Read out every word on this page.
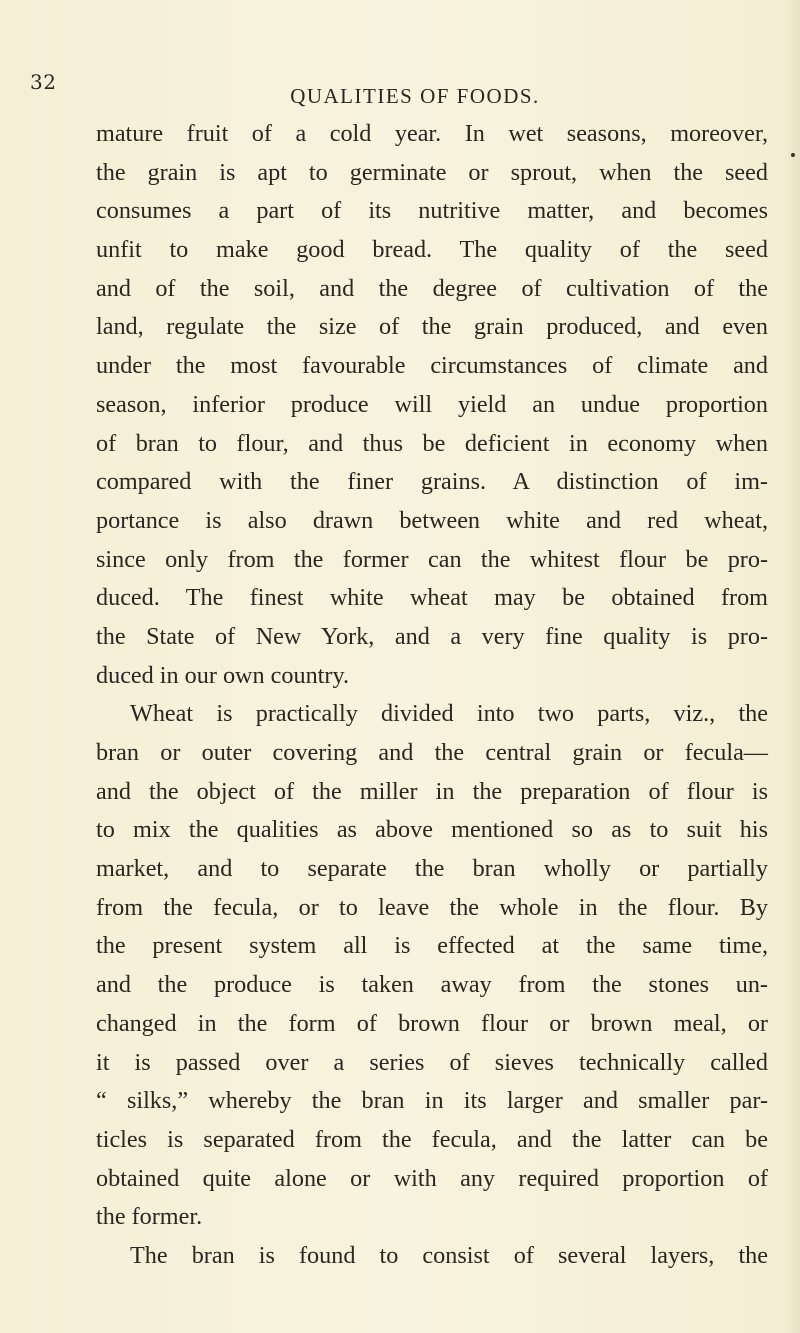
32
QUALITIES OF FOODS.
mature fruit of a cold year. In wet seasons, moreover,
the grain is apt to germinate or sprout, when the seed
consumes a part of its nutritive matter, and becomes
unfit to make good bread. The quality of the seed
and of the soil, and the degree of cultivation of the
land, regulate the size of the grain produced, and even
under the most favourable circumstances of climate and
season, inferior produce will yield an undue proportion
of bran to flour, and thus be deficient in economy when
compared with the finer grains. A distinction of im-
portance is also drawn between white and red wheat,
since only from the former can the whitest flour be pro-
duced. The finest white wheat may be obtained from
the State of New York, and a very fine quality is pro-
duced in our own country.
Wheat is practically divided into two parts, viz., the
bran or outer covering and the central grain or fecula—
and the object of the miller in the preparation of flour is
to mix the qualities as above mentioned so as to suit his
market, and to separate the bran wholly or partially
from the fecula, or to leave the whole in the flour. By
the present system all is effected at the same time,
and the produce is taken away from the stones un-
changed in the form of brown flour or brown meal, or
it is passed over a series of sieves technically called
“ silks,” whereby the bran in its larger and smaller par-
ticles is separated from the fecula, and the latter can be
obtained quite alone or with any required proportion of
the former.
The bran is found to consist of several layers, the
